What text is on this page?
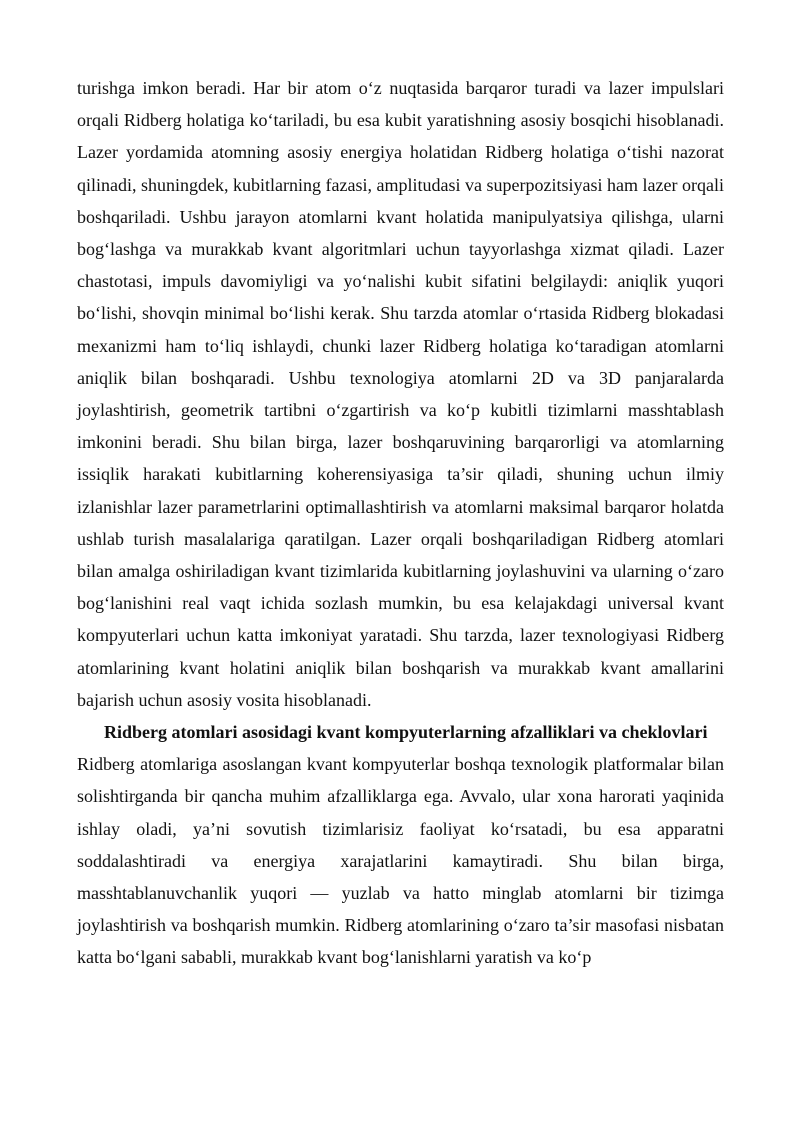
turishga imkon beradi. Har bir atom o‘z nuqtasida barqaror turadi va lazer impulslari orqali Ridberg holatiga ko‘tariladi, bu esa kubit yaratishning asosiy bosqichi hisoblanadi. Lazer yordamida atomning asosiy energiya holatidan Ridberg holatiga o‘tishi nazorat qilinadi, shuningdek, kubitlarning fazasi, amplitudasi va superpozitsiyasi ham lazer orqali boshqariladi. Ushbu jarayon atomlarni kvant holatida manipulyatsiya qilishga, ularni bog‘lashga va murakkab kvant algoritmlari uchun tayyorlashga xizmat qiladi. Lazer chastotasi, impuls davomiyligi va yo‘nalishi kubit sifatini belgilaydi: aniqlik yuqori bo‘lishi, shovqin minimal bo‘lishi kerak. Shu tarzda atomlar o‘rtasida Ridberg blokadasi mexanizmi ham to‘liq ishlaydi, chunki lazer Ridberg holatiga ko‘taradigan atomlarni aniqlik bilan boshqaradi. Ushbu texnologiya atomlarni 2D va 3D panjaralarda joylashtirish, geometrik tartibni o‘zgartirish va ko‘p kubitli tizimlarni masshtablash imkonini beradi. Shu bilan birga, lazer boshqaruvining barqarorligi va atomlarning issiqlik harakati kubitlarning koherensiyasiga ta’sir qiladi, shuning uchun ilmiy izlanishlar lazer parametrlarini optimallashtirish va atomlarni maksimal barqaror holatda ushlab turish masalalariga qaratilgan. Lazer orqali boshqariladigan Ridberg atomlari bilan amalga oshiriladigan kvant tizimlarida kubitlarning joylashuvini va ularning o‘zaro bog‘lanishini real vaqt ichida sozlash mumkin, bu esa kelajakdagi universal kvant kompyuterlari uchun katta imkoniyat yaratadi. Shu tarzda, lazer texnologiyasi Ridberg atomlarining kvant holatini aniqlik bilan boshqarish va murakkab kvant amallarini bajarish uchun asosiy vosita hisoblanadi.

Ridberg atomlari asosidagi kvant kompyuterlarning afzalliklari va cheklovlari

Ridberg atomlariga asoslangan kvant kompyuterlar boshqa texnologik platformalar bilan solishtirganda bir qancha muhim afzalliklarga ega. Avvalo, ular xona harorati yaqinida ishlay oladi, ya’ni sovutish tizimlarisiz faoliyat ko‘rsatadi, bu esa apparatni soddalashtiradi va energiya xarajatlarini kamaytiradi. Shu bilan birga, masshtablanuvchanlik yuqori — yuzlab va hatto minglab atomlarni bir tizimga joylashtirish va boshqarish mumkin. Ridberg atomlarining o‘zaro ta’sir masofasi nisbatan katta bo‘lgani sababli, murakkab kvant bog‘lanishlarni yaratish va ko‘p
